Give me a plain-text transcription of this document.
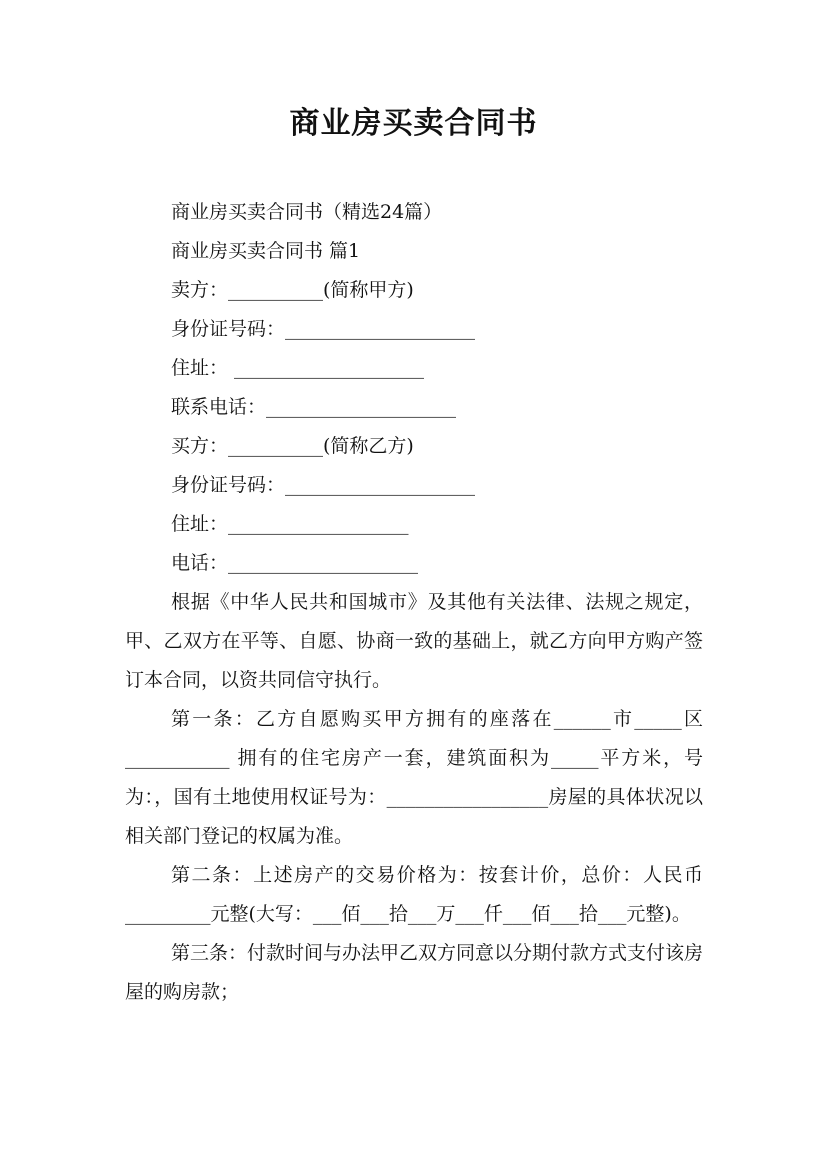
商业房买卖合同书
商业房买卖合同书（精选24篇）
商业房买卖合同书 篇1
卖方：__________(简称甲方)
身份证号码：____________________
住址： ____________________
联系电话：____________________
买方：__________(简称乙方)
身份证号码：____________________
住址：___________________
电话：____________________

根据《中华人民共和国城市》及其他有关法律、法规之规定，甲、乙双方在平等、自愿、协商一致的基础上，就乙方向甲方购产签订本合同，以资共同信守执行。

第一条：乙方自愿购买甲方拥有的座落在______市_____区___________ 拥有的住宅房产一套，建筑面积为_____平方米，号为：，国有土地使用权证号为：_________________房屋的具体状况以相关部门登记的权属为准。

第二条：上述房产的交易价格为：按套计价，总价：人民币_________元整(大写：___佰___拾___万___仟___佰___拾___元整)。

第三条：付款时间与办法甲乙双方同意以分期付款方式支付该房屋的购房款；
